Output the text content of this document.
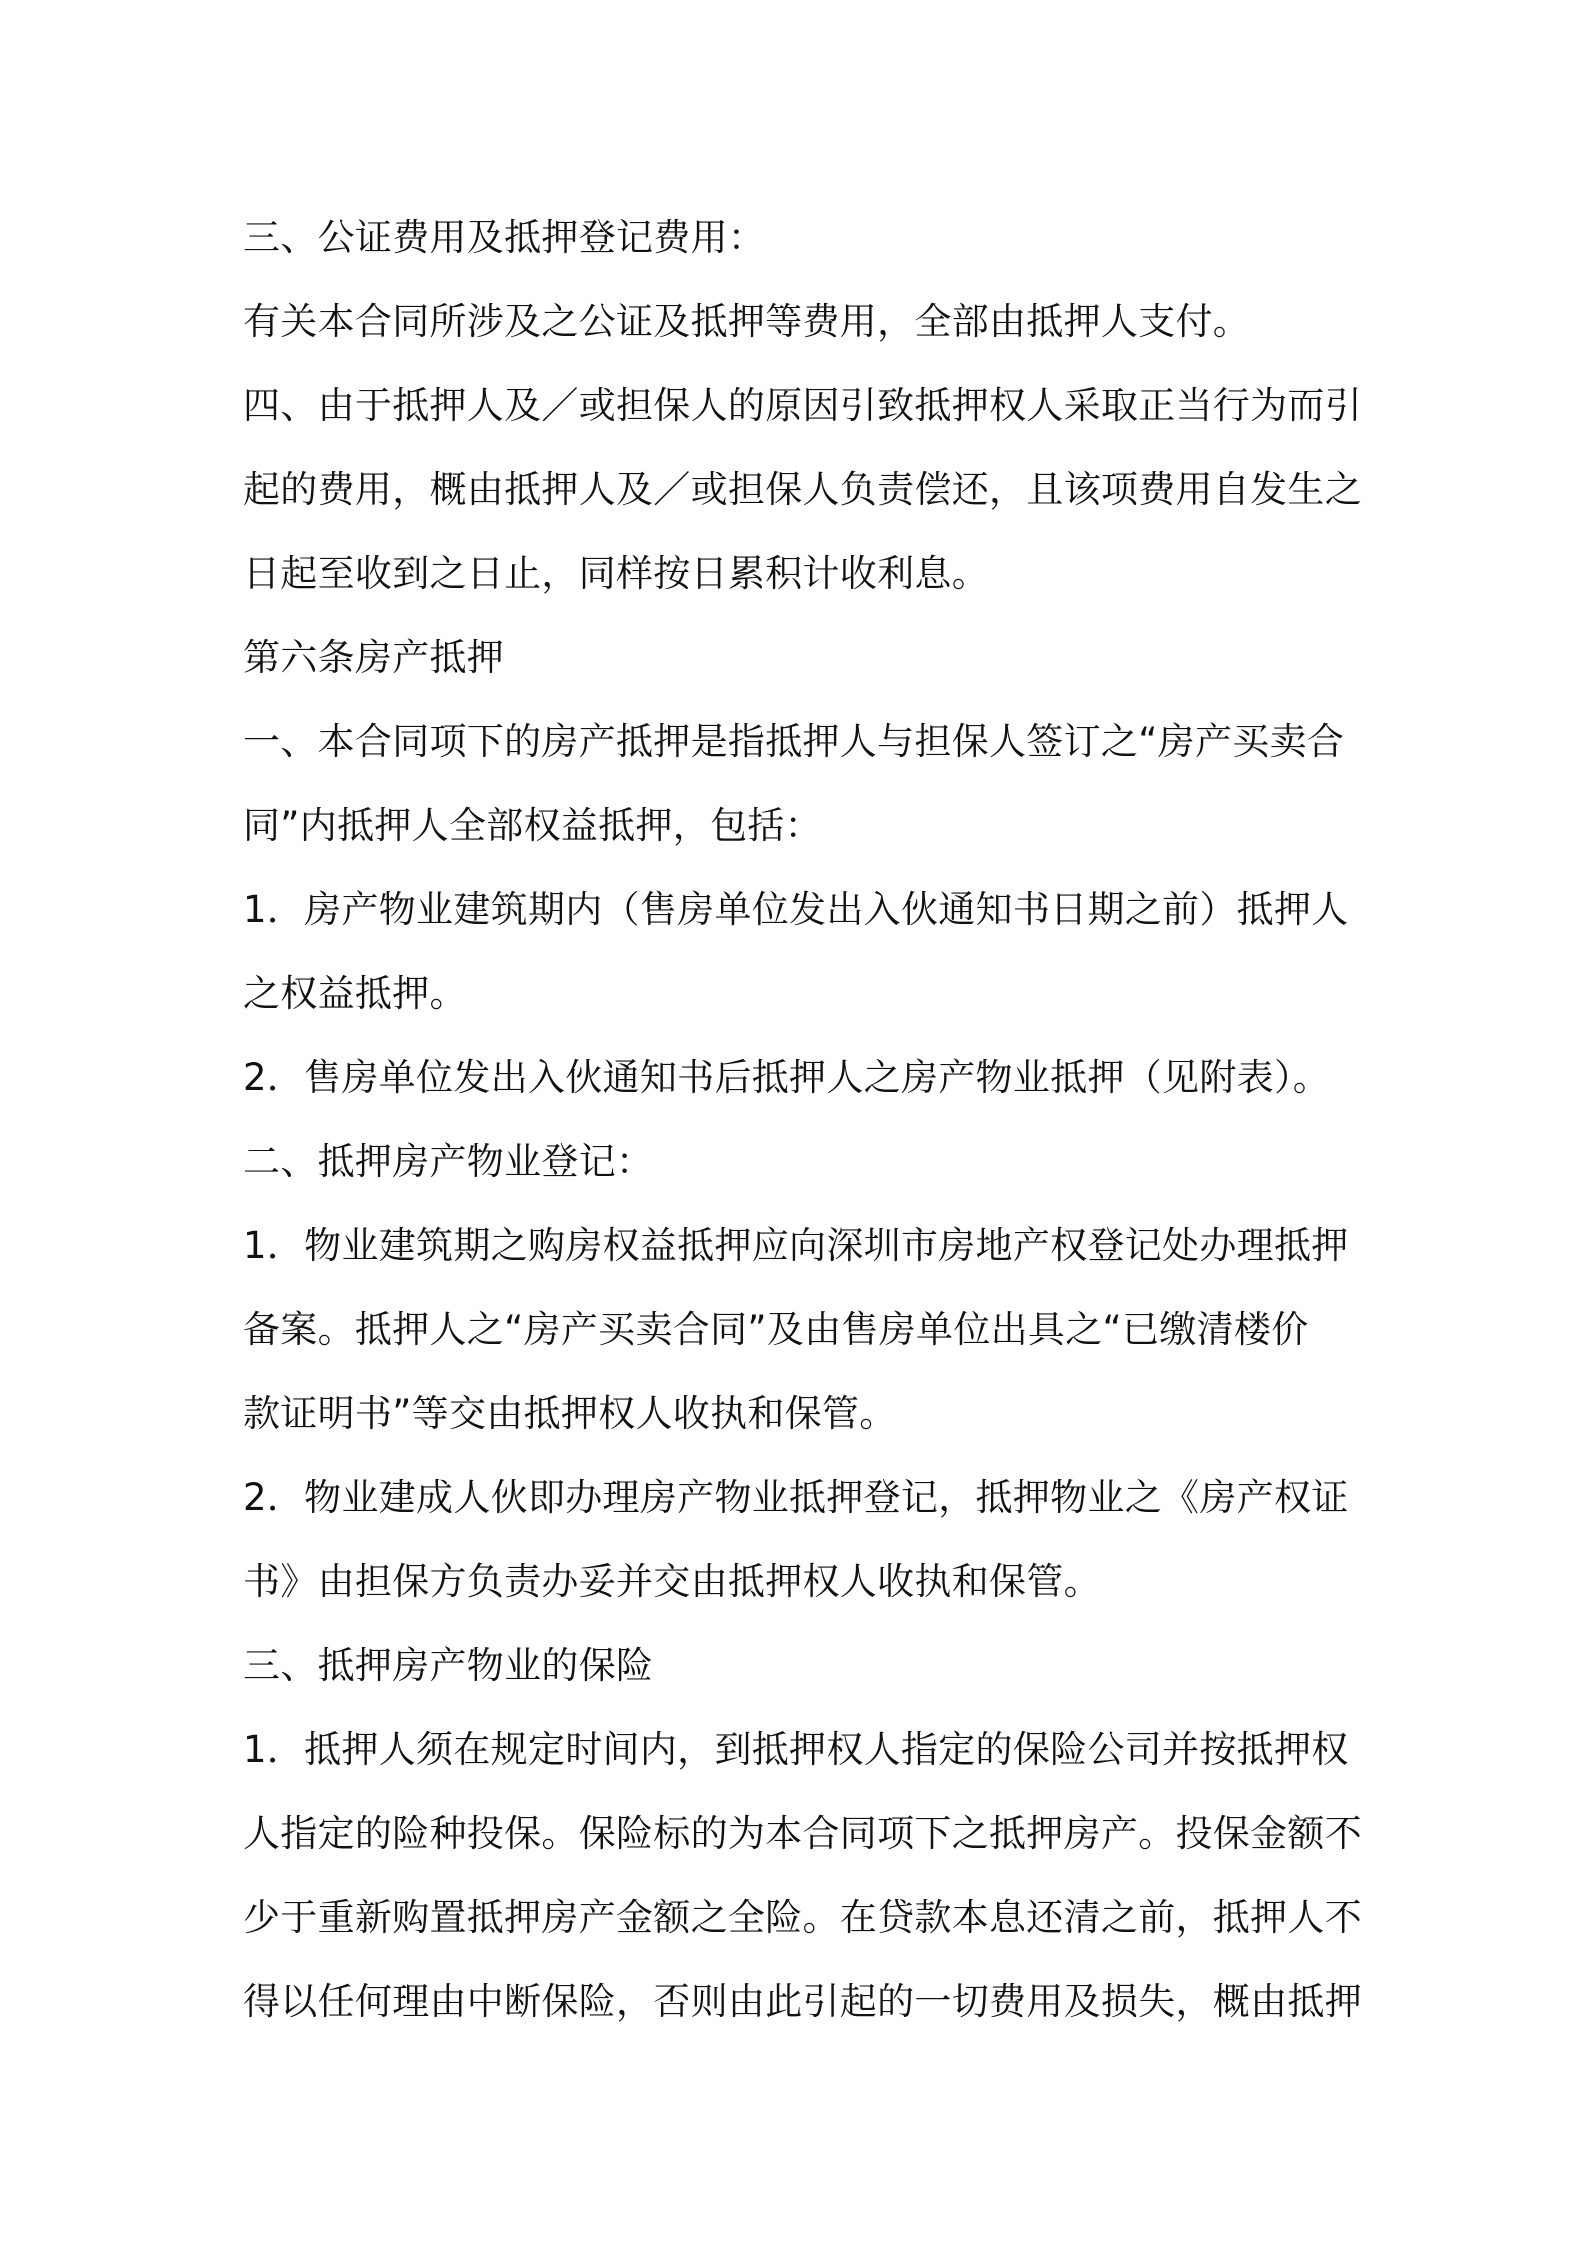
三、公证费用及抵押登记费用：
有关本合同所涉及之公证及抵押等费用，全部由抵押人支付。
四、由于抵押人及／或担保人的原因引致抵押权人采取正当行为而引
起的费用，概由抵押人及／或担保人负责偿还，且该项费用自发生之
日起至收到之日止，同样按日累积计收利息。
第六条房产抵押
一、本合同项下的房产抵押是指抵押人与担保人签订之“房产买卖合
同”内抵押人全部权益抵押，包括：
1．房产物业建筑期内（售房单位发出入伙通知书日期之前）抵押人
之权益抵押。
2．售房单位发出入伙通知书后抵押人之房产物业抵押（见附表）。
二、抵押房产物业登记：
1．物业建筑期之购房权益抵押应向深圳市房地产权登记处办理抵押
备案。抵押人之“房产买卖合同”及由售房单位出具之“已缴清楼价
款证明书”等交由抵押权人收执和保管。
2．物业建成人伙即办理房产物业抵押登记，抵押物业之《房产权证
书》由担保方负责办妥并交由抵押权人收执和保管。
三、抵押房产物业的保险
1．抵押人须在规定时间内，到抵押权人指定的保险公司并按抵押权
人指定的险种投保。保险标的为本合同项下之抵押房产。投保金额不
少于重新购置抵押房产金额之全险。在贷款本息还清之前，抵押人不
得以任何理由中断保险，否则由此引起的一切费用及损失，概由抵押
